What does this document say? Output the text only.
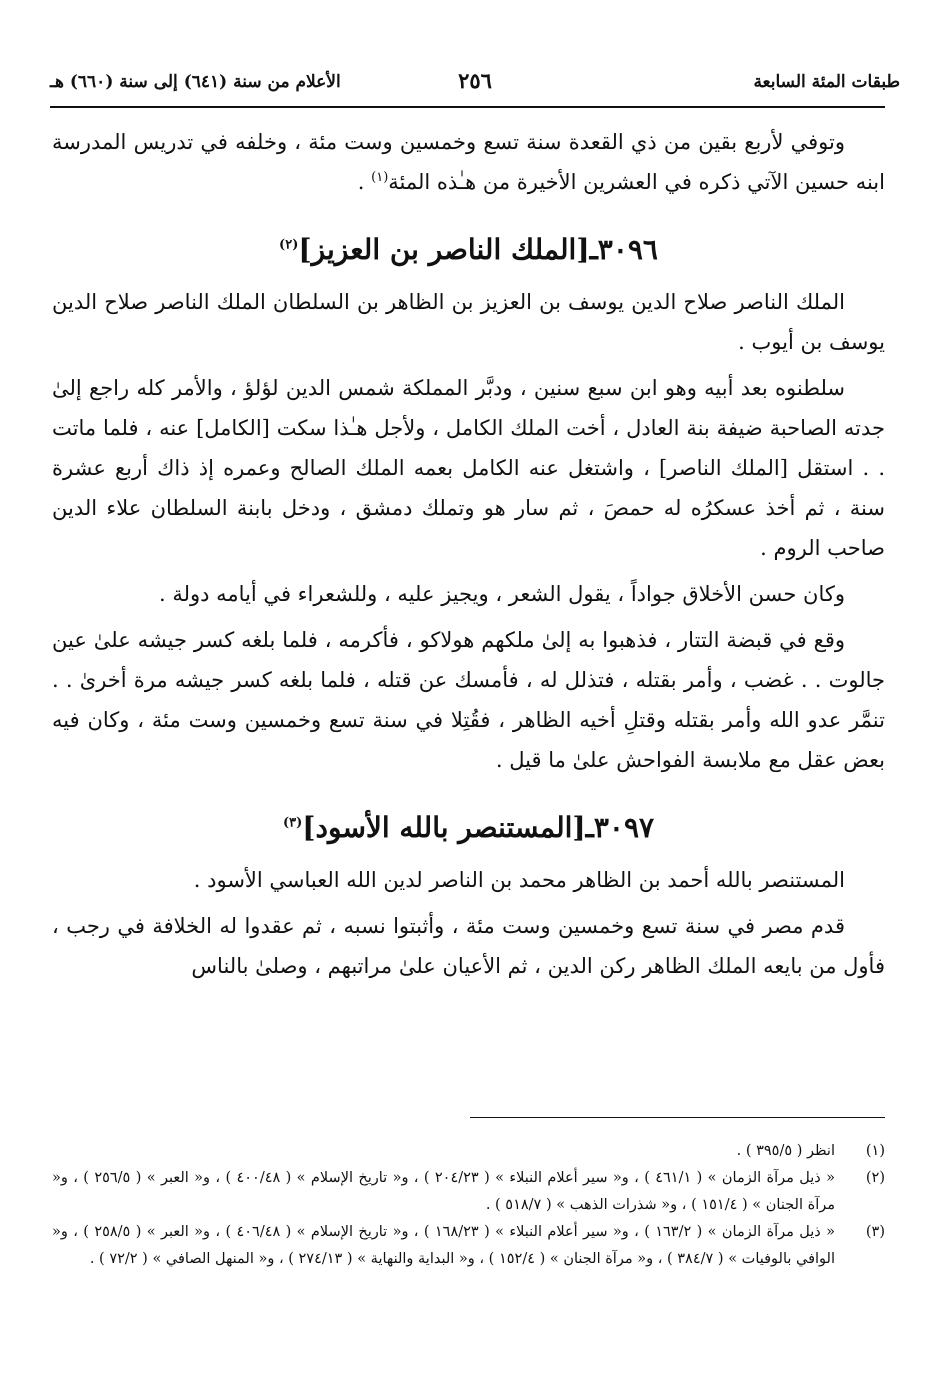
طبقات المئة السابعة
٢٥٦
الأعلام من سنة (٦٤١) إلى سنة (٦٦٠) هـ

وتوفي لأربع بقين من ذي القعدة سنة تسع وخمسين وست مئة ، وخلفه في تدريس المدرسة ابنه حسين الآتي ذكره في العشرين الأخيرة من هـٰذه المئة$^{(١)}$ .

٣٠٩٦ـ[الملك الناصر بن العزيز]$^{(٢)}$

الملك الناصر صلاح الدين يوسف بن العزيز بن الظاهر بن السلطان الملك الناصر صلاح الدين يوسف بن أيوب .

سلطنوه بعد أبيه وهو ابن سبع سنين ، ودبَّر المملكة شمس الدين لؤلؤ ، والأمر كله راجع إلىٰ جدته الصاحبة ضيفة بنة العادل ، أخت الملك الكامل ، ولأجل هـٰذا سكت [الكامل] عنه ، فلما ماتت . . استقل [الملك الناصر] ، واشتغل عنه الكامل بعمه الملك الصالح وعمره إذ ذاك أربع عشرة سنة ، ثم أخذ عسكرُه له حمصَ ، ثم سار هو وتملك دمشق ، ودخل بابنة السلطان علاء الدين صاحب الروم .

وكان حسن الأخلاق جواداً ، يقول الشعر ، ويجيز عليه ، وللشعراء في أيامه دولة .

وقع في قبضة التتار ، فذهبوا به إلىٰ ملكهم هولاكو ، فأكرمه ، فلما بلغه كسر جيشه علىٰ عين جالوت . . غضب ، وأمر بقتله ، فتذلل له ، فأمسك عن قتله ، فلما بلغه كسر جيشه مرة أخرىٰ . . تنمَّر عدو الله وأمر بقتله وقتلِ أخيه الظاهر ، فقُتِلا في سنة تسع وخمسين وست مئة ، وكان فيه بعض عقل مع ملابسة الفواحش علىٰ ما قيل .

٣٠٩٧ـ[المستنصر بالله الأسود]$^{(٣)}$

المستنصر بالله أحمد بن الظاهر محمد بن الناصر لدين الله العباسي الأسود .

قدم مصر في سنة تسع وخمسين وست مئة ، وأثبتوا نسبه ، ثم عقدوا له الخلافة في رجب ، فأول من بايعه الملك الظاهر ركن الدين ، ثم الأعيان علىٰ مراتبهم ، وصلىٰ بالناس

(١)
انظر ( ٣٩٥/٥ ) .
(٢)
« ذيل مرآة الزمان » ( ٤٦١/١ ) ، و« سير أعلام النبلاء » ( ٢٠٤/٢٣ ) ، و« تاريخ الإسلام » ( ٤٠٠/٤٨ ) ، و« العبر » ( ٢٥٦/٥ ) ، و« مرآة الجنان » ( ١٥١/٤ ) ، و« شذرات الذهب » ( ٥١٨/٧ ) .
(٣)
« ذيل مرآة الزمان » ( ١٦٣/٢ ) ، و« سير أعلام النبلاء » ( ١٦٨/٢٣ ) ، و« تاريخ الإسلام » ( ٤٠٦/٤٨ ) ، و« العبر » ( ٢٥٨/٥ ) ، و« الوافي بالوفيات » ( ٣٨٤/٧ ) ، و« مرآة الجنان » ( ١٥٢/٤ ) ، و« البداية والنهاية » ( ٢٧٤/١٣ ) ، و« المنهل الصافي » ( ٧٢/٢ ) .
